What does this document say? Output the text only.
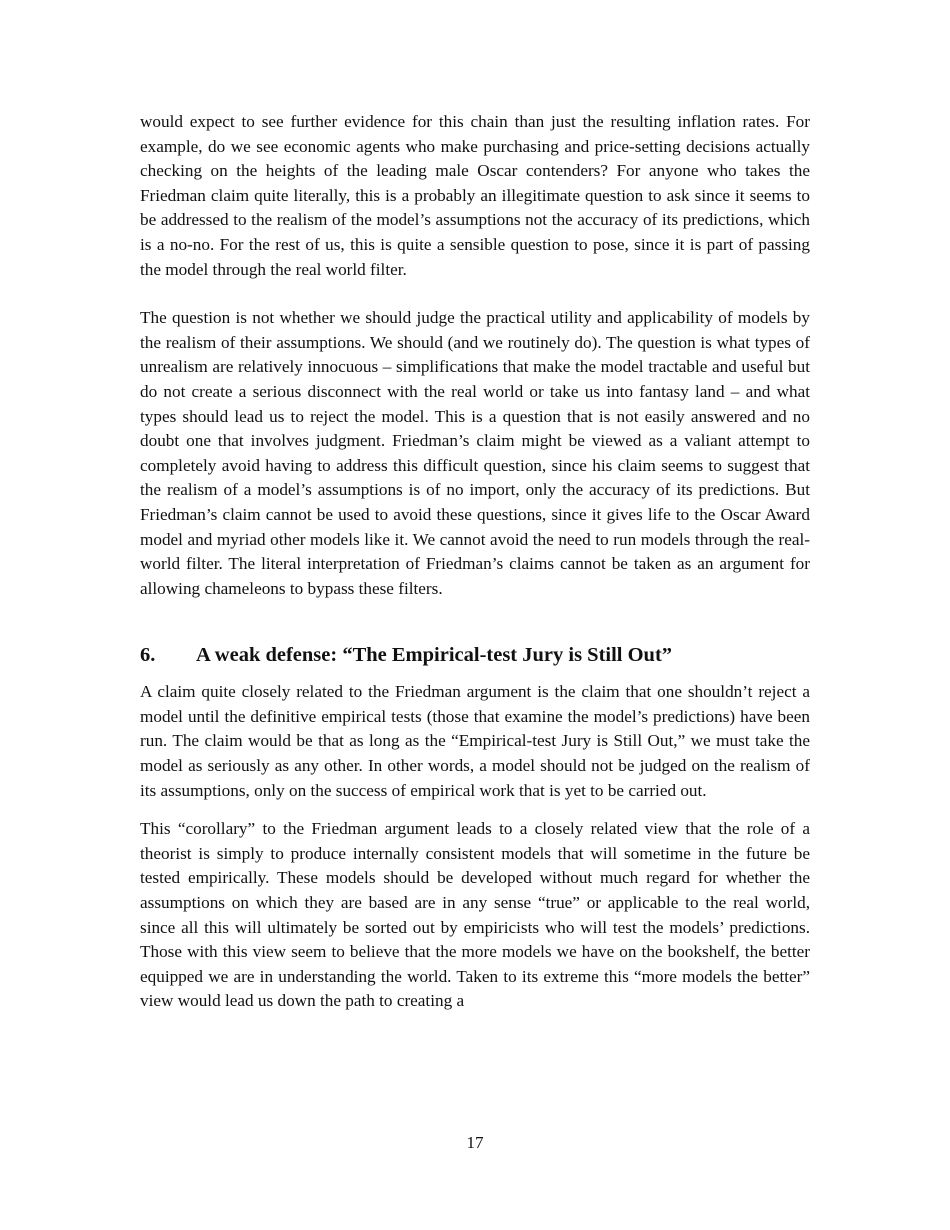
would expect to see further evidence for this chain than just the resulting inflation rates. For example, do we see economic agents who make purchasing and price-setting decisions actually checking on the heights of the leading male Oscar contenders? For anyone who takes the Friedman claim quite literally, this is a probably an illegitimate question to ask since it seems to be addressed to the realism of the model’s assumptions not the accuracy of its predictions, which is a no-no. For the rest of us, this is quite a sensible question to pose, since it is part of passing the model through the real world filter.

The question is not whether we should judge the practical utility and applicability of models by the realism of their assumptions. We should (and we routinely do). The question is what types of unrealism are relatively innocuous – simplifications that make the model tractable and useful but do not create a serious disconnect with the real world or take us into fantasy land – and what types should lead us to reject the model. This is a question that is not easily answered and no doubt one that involves judgment. Friedman’s claim might be viewed as a valiant attempt to completely avoid having to address this difficult question, since his claim seems to suggest that the realism of a model’s assumptions is of no import, only the accuracy of its predictions. But Friedman’s claim cannot be used to avoid these questions, since it gives life to the Oscar Award model and myriad other models like it. We cannot avoid the need to run models through the real-world filter. The literal interpretation of Friedman’s claims cannot be taken as an argument for allowing chameleons to bypass these filters.

6.	A weak defense: “The Empirical-test Jury is Still Out”

A claim quite closely related to the Friedman argument is the claim that one shouldn’t reject a model until the definitive empirical tests (those that examine the model’s predictions) have been run. The claim would be that as long as the “Empirical-test Jury is Still Out,” we must take the model as seriously as any other. In other words, a model should not be judged on the realism of its assumptions, only on the success of empirical work that is yet to be carried out.

This “corollary” to the Friedman argument leads to a closely related view that the role of a theorist is simply to produce internally consistent models that will sometime in the future be tested empirically. These models should be developed without much regard for whether the assumptions on which they are based are in any sense “true” or applicable to the real world, since all this will ultimately be sorted out by empiricists who will test the models’ predictions. Those with this view seem to believe that the more models we have on the bookshelf, the better equipped we are in understanding the world. Taken to its extreme this “more models the better” view would lead us down the path to creating a

17
